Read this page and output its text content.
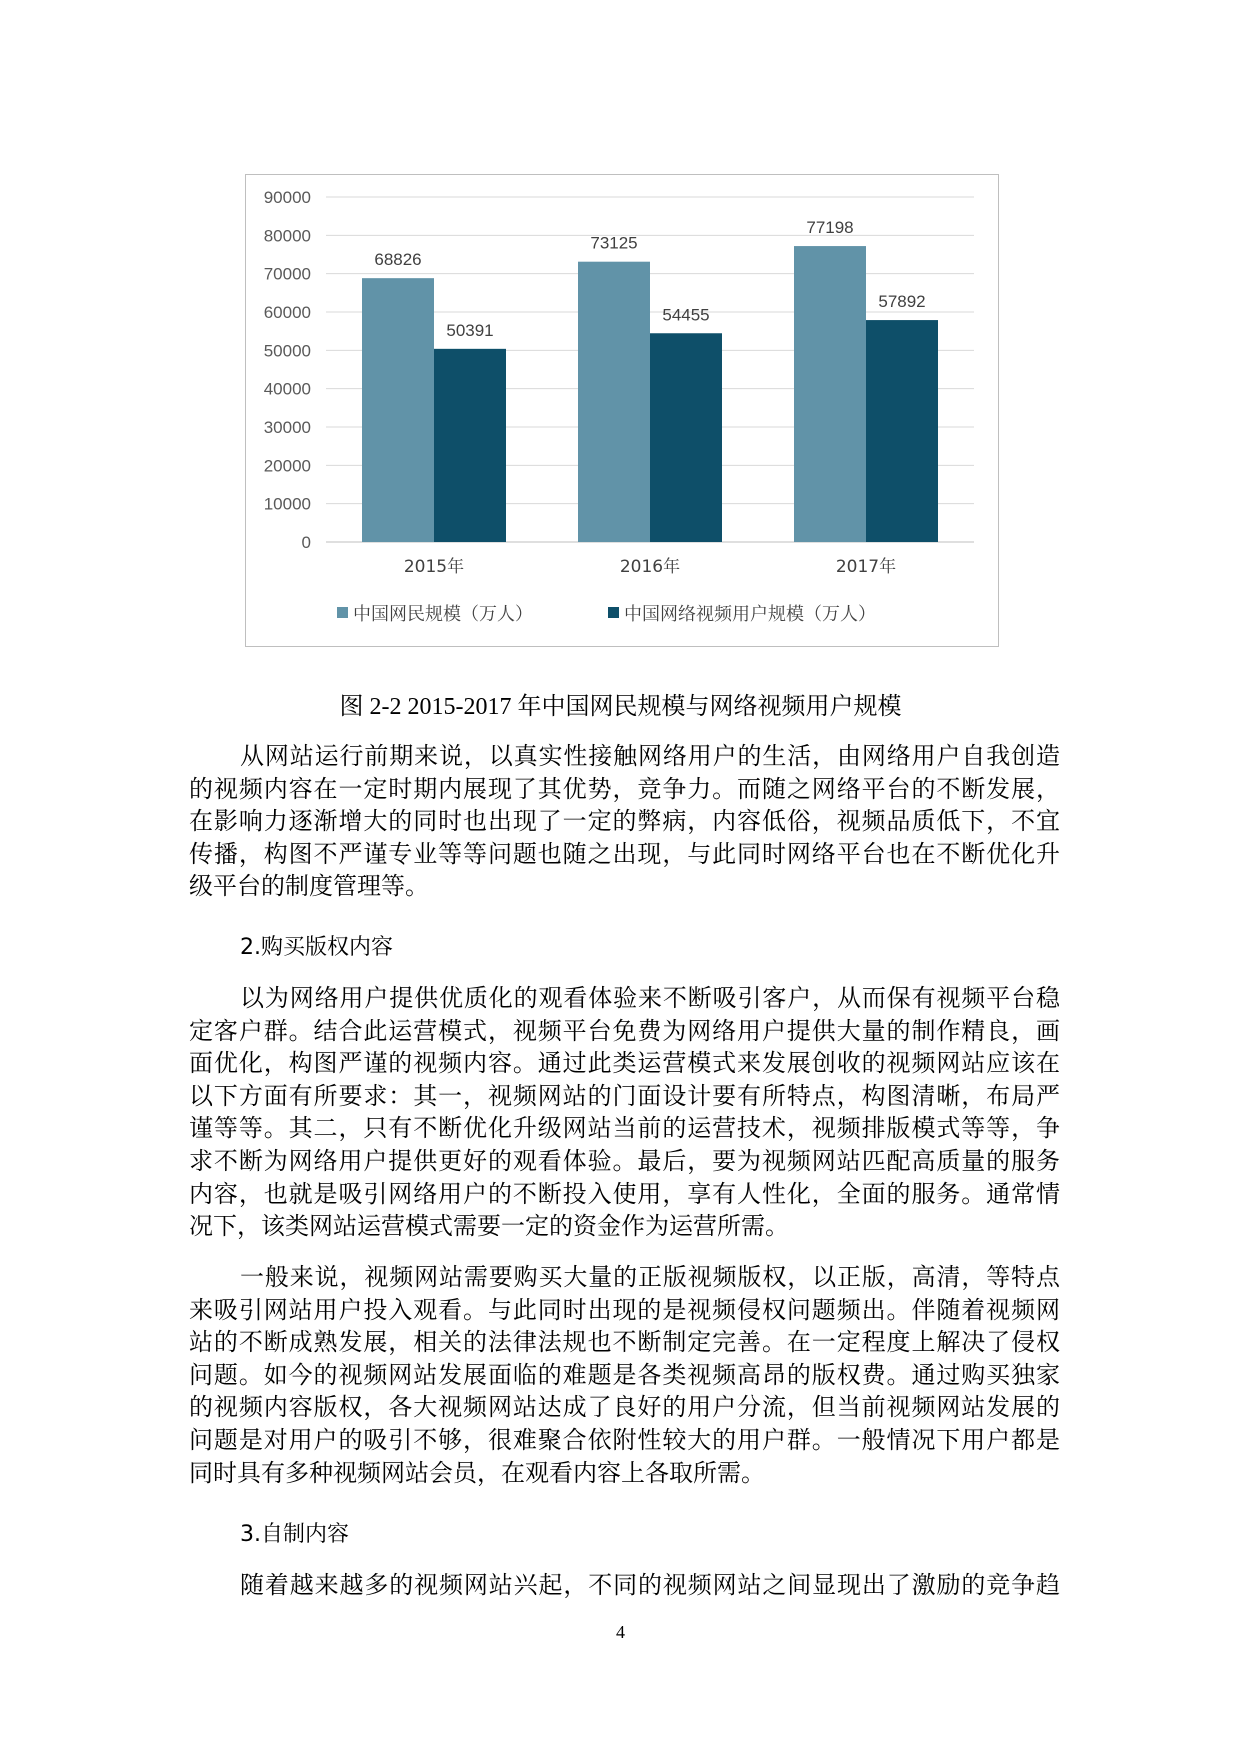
0
10000
20000
30000
40000
50000
60000
70000
80000
90000
68826
50391
2015年
73125
54455
2016年
77198
57892
2017年
中国网民规模（万人）	中国网络视频用户规模（万人）
图 2-2 2015-2017 年中国网民规模与网络视频用户规模
从网站运行前期来说，以真实性接触网络用户的生活，由网络用户自我创造
的视频内容在一定时期内展现了其优势，竞争力。而随之网络平台的不断发展，
在影响力逐渐增大的同时也出现了一定的弊病，内容低俗，视频品质低下，不宜
传播，构图不严谨专业等等问题也随之出现，与此同时网络平台也在不断优化升
级平台的制度管理等。
2.购买版权内容
以为网络用户提供优质化的观看体验来不断吸引客户，从而保有视频平台稳
定客户群。结合此运营模式，视频平台免费为网络用户提供大量的制作精良，画
面优化，构图严谨的视频内容。通过此类运营模式来发展创收的视频网站应该在
以下方面有所要求：其一，视频网站的门面设计要有所特点，构图清晰，布局严
谨等等。其二，只有不断优化升级网站当前的运营技术，视频排版模式等等，争
求不断为网络用户提供更好的观看体验。最后，要为视频网站匹配高质量的服务
内容，也就是吸引网络用户的不断投入使用，享有人性化，全面的服务。通常情
况下，该类网站运营模式需要一定的资金作为运营所需。
一般来说，视频网站需要购买大量的正版视频版权，以正版，高清，等特点
来吸引网站用户投入观看。与此同时出现的是视频侵权问题频出。伴随着视频网
站的不断成熟发展，相关的法律法规也不断制定完善。在一定程度上解决了侵权
问题。如今的视频网站发展面临的难题是各类视频高昂的版权费。通过购买独家
的视频内容版权，各大视频网站达成了良好的用户分流，但当前视频网站发展的
问题是对用户的吸引不够，很难聚合依附性较大的用户群。一般情况下用户都是
同时具有多种视频网站会员，在观看内容上各取所需。
3.自制内容
随着越来越多的视频网站兴起，不同的视频网站之间显现出了激励的竞争趋
4
